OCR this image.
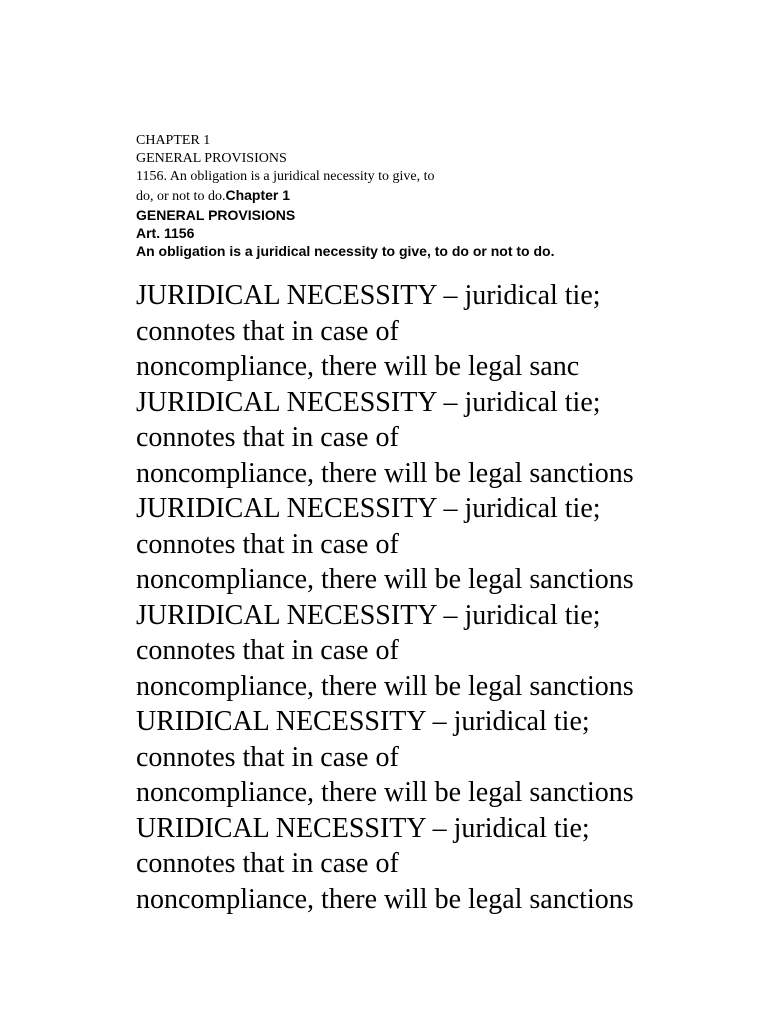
CHAPTER 1
GENERAL PROVISIONS
1156. An obligation is a juridical necessity to give, to
do, or not to do.Chapter 1
GENERAL PROVISIONS
Art. 1156
An obligation is a juridical necessity to give, to do or not to do.
JURIDICAL NECESSITY – juridical tie;
connotes that in case of
noncompliance, there will be legal sanc
JURIDICAL NECESSITY – juridical tie;
connotes that in case of
noncompliance, there will be legal sanctions
JURIDICAL NECESSITY – juridical tie;
connotes that in case of
noncompliance, there will be legal sanctions
JURIDICAL NECESSITY – juridical tie;
connotes that in case of
noncompliance, there will be legal sanctions
URIDICAL NECESSITY – juridical tie;
connotes that in case of
noncompliance, there will be legal sanctions
URIDICAL NECESSITY – juridical tie;
connotes that in case of
noncompliance, there will be legal sanctions
